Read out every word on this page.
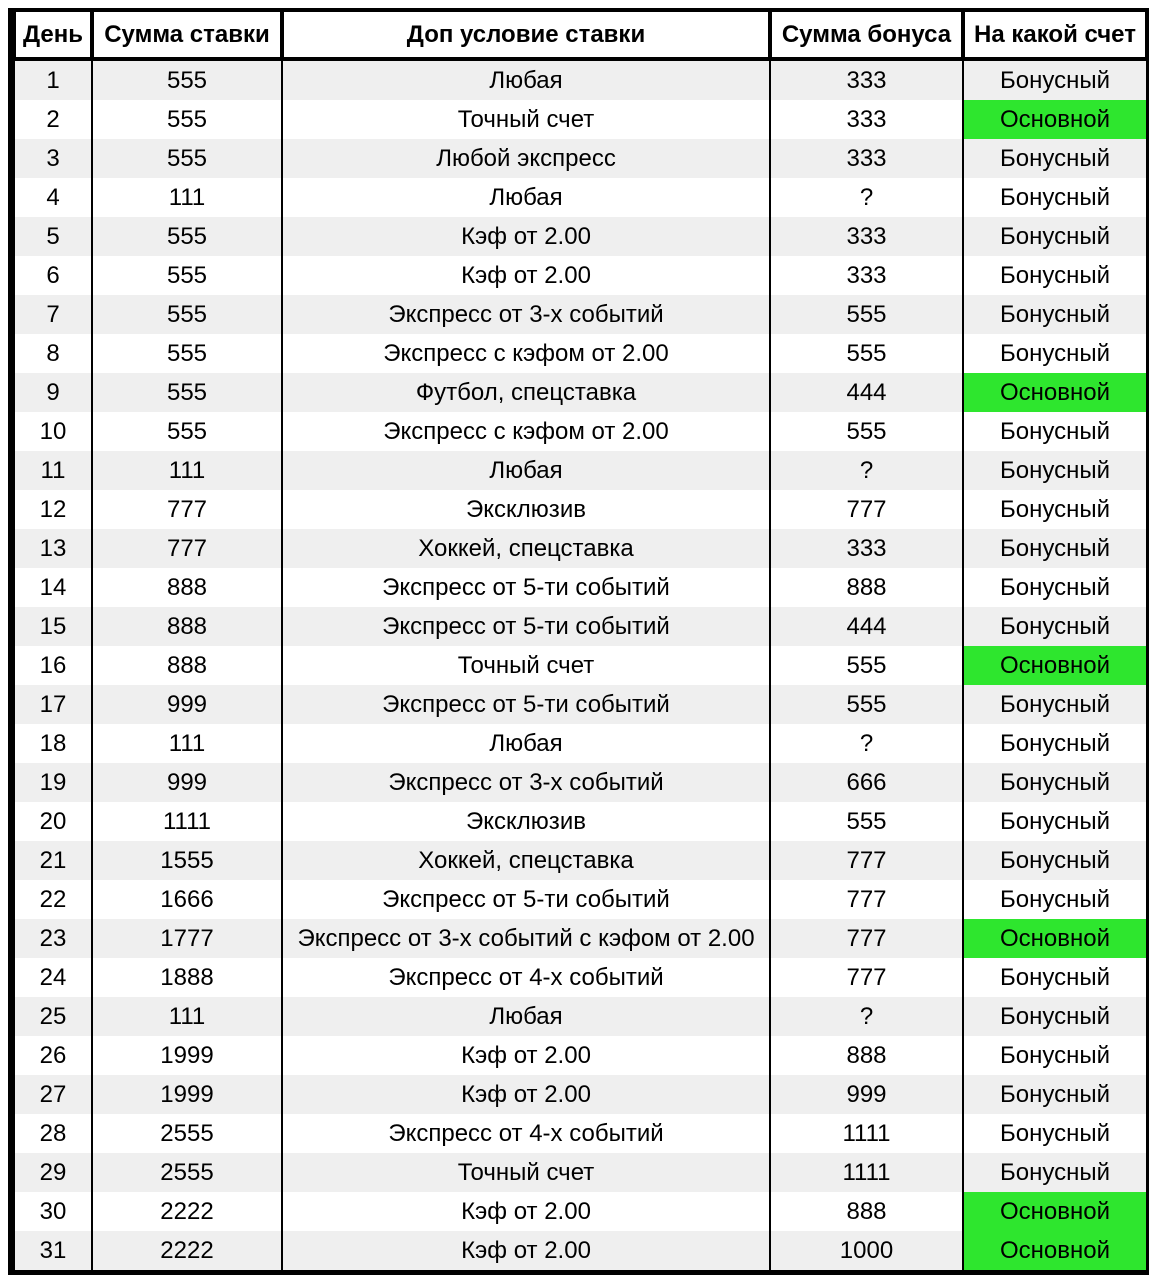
День	Сумма ставки	Доп условие ставки	Сумма бонуса	На какой счет
1	555	Любая	333	Бонусный
2	555	Точный счет	333	Основной
3	555	Любой экспресс	333	Бонусный
4	111	Любая	?	Бонусный
5	555	Кэф от 2.00	333	Бонусный
6	555	Кэф от 2.00	333	Бонусный
7	555	Экспресс от 3-х событий	555	Бонусный
8	555	Экспресс с кэфом от 2.00	555	Бонусный
9	555	Футбол, спецставка	444	Основной
10	555	Экспресс с кэфом от 2.00	555	Бонусный
11	111	Любая	?	Бонусный
12	777	Эксклюзив	777	Бонусный
13	777	Хоккей, спецставка	333	Бонусный
14	888	Экспресс от 5-ти событий	888	Бонусный
15	888	Экспресс от 5-ти событий	444	Бонусный
16	888	Точный счет	555	Основной
17	999	Экспресс от 5-ти событий	555	Бонусный
18	111	Любая	?	Бонусный
19	999	Экспресс от 3-х событий	666	Бонусный
20	1111	Эксклюзив	555	Бонусный
21	1555	Хоккей, спецставка	777	Бонусный
22	1666	Экспресс от 5-ти событий	777	Бонусный
23	1777	Экспресс от 3-х событий с кэфом от 2.00	777	Основной
24	1888	Экспресс от 4-х событий	777	Бонусный
25	111	Любая	?	Бонусный
26	1999	Кэф от 2.00	888	Бонусный
27	1999	Кэф от 2.00	999	Бонусный
28	2555	Экспресс от 4-х событий	1111	Бонусный
29	2555	Точный счет	1111	Бонусный
30	2222	Кэф от 2.00	888	Основной
31	2222	Кэф от 2.00	1000	Основной
